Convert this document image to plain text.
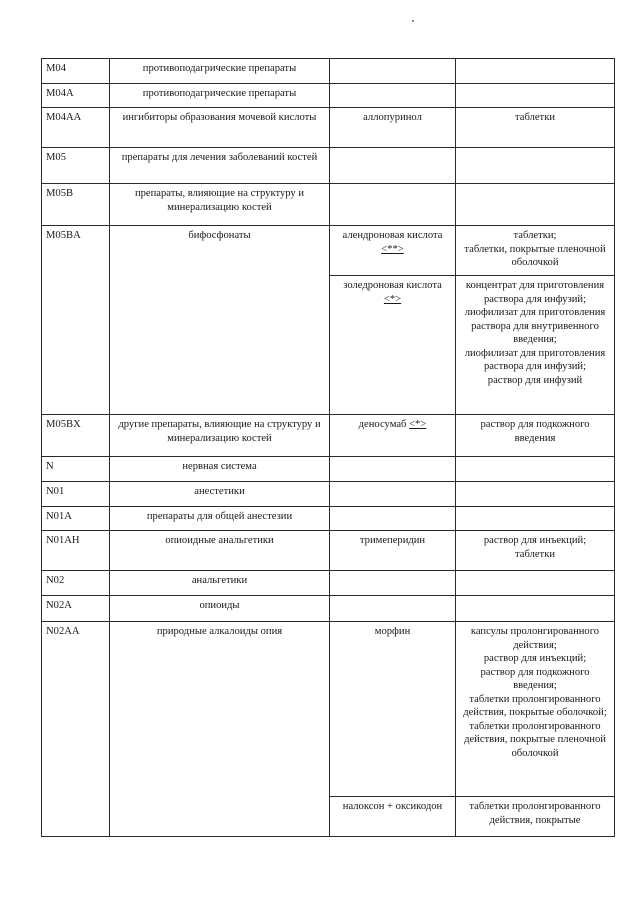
M04	противоподагрические препараты		
M04A	противоподагрические препараты		
M04AA	ингибиторы образования мочевой кислоты	аллопуринол	таблетки

M05	препараты для лечения заболеваний костей		
M05B	препараты, влияющие на структуру и минерализацию костей		
M05BA	бифосфонаты	алендроновая кислота <**>	таблетки;
таблетки, покрытые пленочной оболочкой

		золедроновая кислота <*>	концентрат для приготовления раствора для инфузий;
лиофилизат для приготовления раствора для внутривенного введения;
лиофилизат для приготовления раствора для инфузий;
раствор для инфузий

M05BX	другие препараты, влияющие на структуру и минерализацию костей	деносумаб <*>	раствор для подкожного введения

N	нервная система		
N01	анестетики		
N01A	препараты для общей анестезии		
N01AH	опиоидные анальгетики	тримеперидин	раствор для инъекций;
таблетки

N02	анальгетики		
N02A	опиоиды		
N02AA	природные алкалоиды опия	морфин	капсулы пролонгированного действия;
раствор для инъекций;
раствор для подкожного введения;
таблетки пролонгированного действия, покрытые оболочкой;
таблетки пролонгированного действия, покрытые пленочной оболочкой

		налоксон + оксикодон	таблетки пролонгированного действия, покрытые
